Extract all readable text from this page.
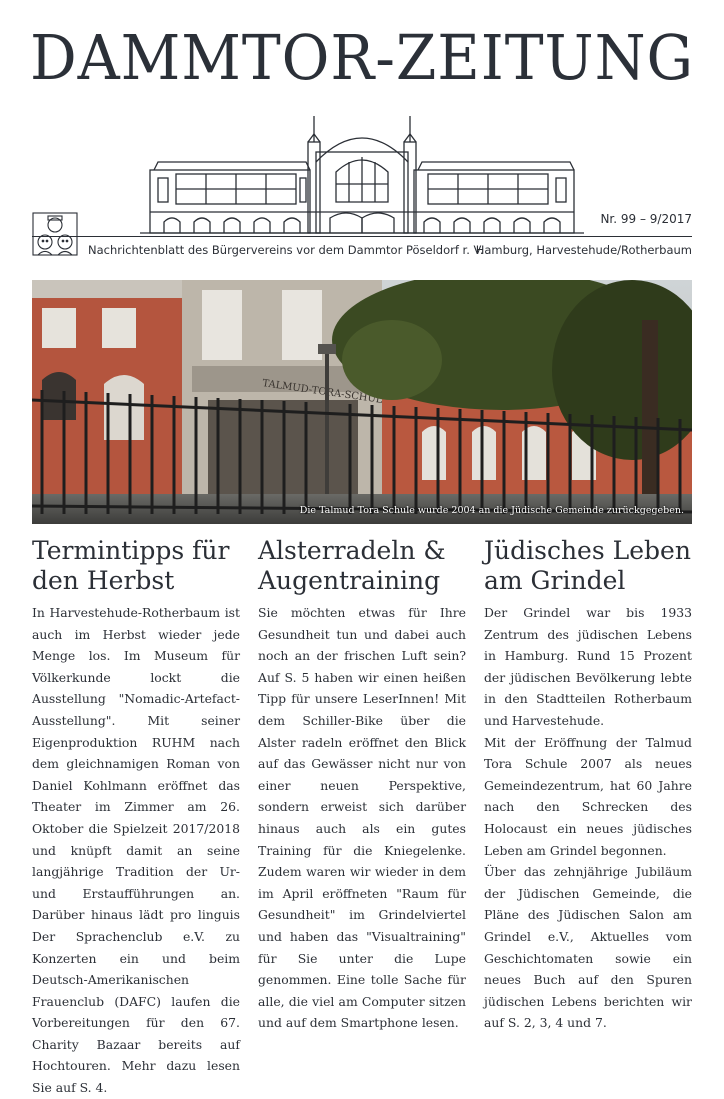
DAMMTOR-ZEITUNG
Nr. 99 – 9/2017
Nachrichtenblatt des Bürgervereins vor dem Dammtor Pöseldorf r. V.
Hamburg, Harvestehude/Rotherbaum
Die Talmud Tora Schule wurde 2004 an die Jüdische Gemeinde zurückgegeben.
Termintipps für den Herbst

In Harvestehude-Rotherbaum ist auch im Herbst wieder jede Menge los. Im Museum für Völkerkunde lockt die Ausstellung "Nomadic-Artefact-Ausstellung". Mit seiner Eigenproduktion RUHM nach dem gleichnamigen Roman von Daniel Kohlmann eröffnet das Theater im Zimmer am 26. Oktober die Spielzeit 2017/2018 und knüpft damit an seine langjährige Tradition der Ur- und Erstaufführungen an. Darüber hinaus lädt pro linguis Der Sprachenclub e.V. zu Konzerten ein und beim Deutsch-Amerikanischen Frauenclub (DAFC) laufen die Vorbereitungen für den 67. Charity Bazaar bereits auf Hochtouren. Mehr dazu lesen Sie auf S. 4.

Alsterradeln & Augentraining

Sie möchten etwas für Ihre Gesundheit tun und dabei auch noch an der frischen Luft sein? Auf S. 5 haben wir einen heißen Tipp für unsere LeserInnen! Mit dem Schiller-Bike über die Alster radeln eröffnet den Blick auf das Gewässer nicht nur von einer neuen Perspektive, sondern erweist sich darüber hinaus auch als ein gutes Training für die Kniegelenke. Zudem waren wir wieder in dem im April eröffneten "Raum für Gesundheit" im Grindelviertel und haben das "Visualtraining" für Sie unter die Lupe genommen. Eine tolle Sache für alle, die viel am Computer sitzen und auf dem Smartphone lesen.

Jüdisches Leben am Grindel

Der Grindel war bis 1933 Zentrum des jüdischen Lebens in Hamburg. Rund 15 Prozent der jüdischen Bevölkerung lebte in den Stadtteilen Rotherbaum und Harvestehude.
Mit der Eröffnung der Talmud Tora Schule 2007 als neues Gemeindezentrum, hat 60 Jahre nach den Schrecken des Holocaust ein neues jüdisches Leben am Grindel begonnen.
Über das zehnjährige Jubiläum der Jüdischen Gemeinde, die Pläne des Jüdischen Salon am Grindel e.V., Aktuelles vom Geschichtomaten sowie ein neues Buch auf den Spuren jüdischen Lebens berichten wir auf S. 2, 3, 4 und 7.
